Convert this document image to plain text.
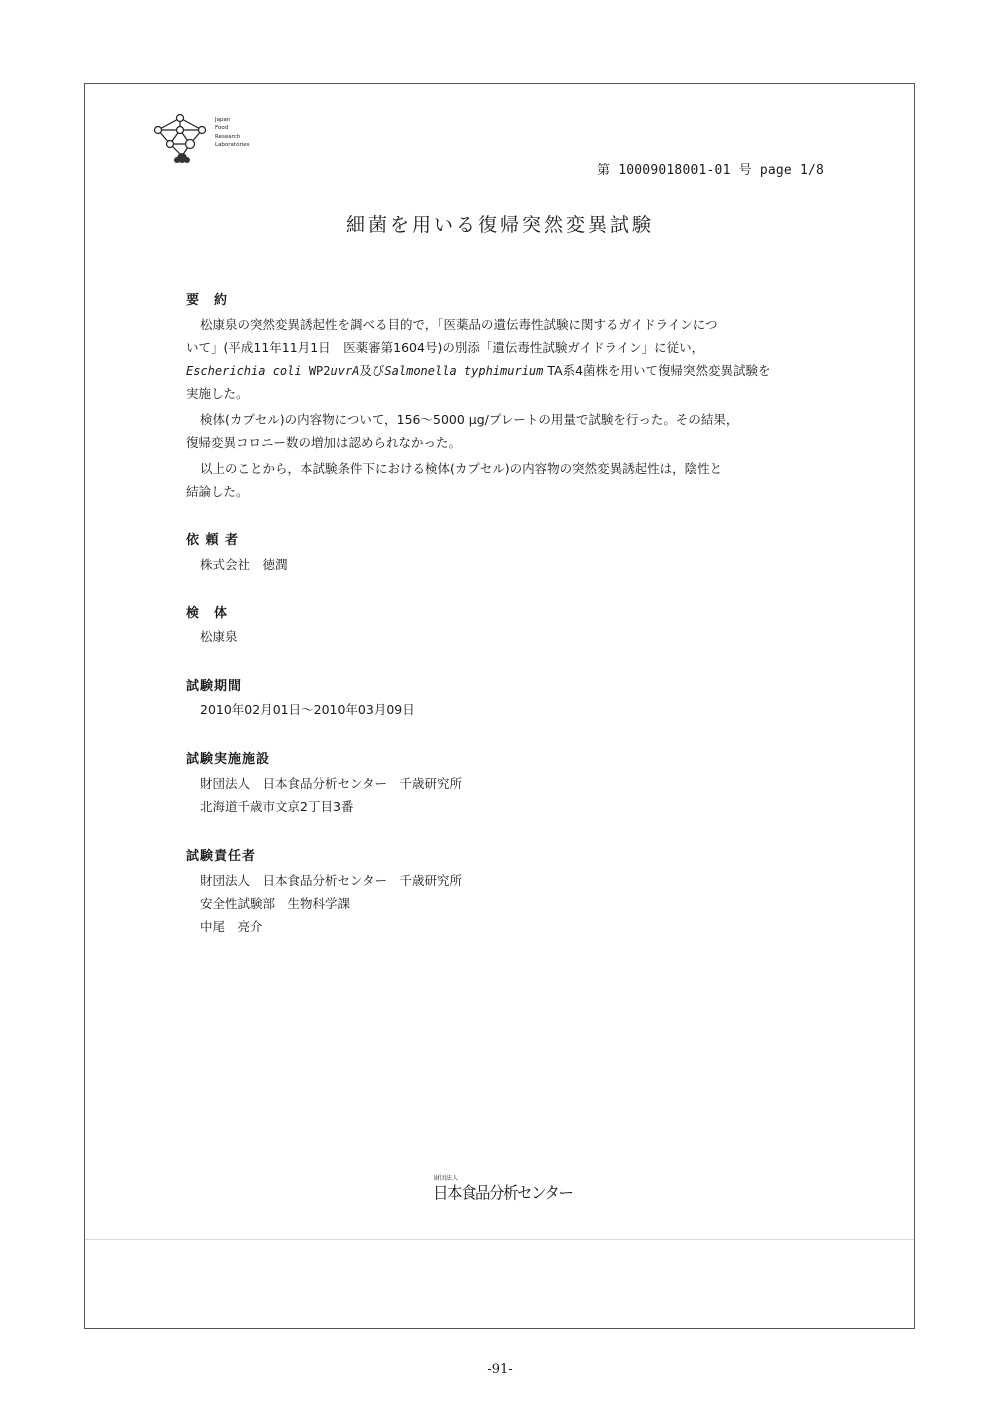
Japan
Food
Research
Laboratories
第 10009018001-01 号 page 1/8
細菌を用いる復帰突然変異試験
要　約
松康泉の突然変異誘起性を調べる目的で，「医薬品の遺伝毒性試験に関するガイドラインにつ
いて」(平成11年11月1日　医薬審第1604号)の別添「遺伝毒性試験ガイドライン」に従い，
Escherichia coli WP2uvrA及びSalmonella typhimurium TA系4菌株を用いて復帰突然変異試験を
実施した。
検体(カプセル)の内容物について，156～5000 μg/プレートの用量で試験を行った。その結果，
復帰変異コロニー数の増加は認められなかった。
以上のことから，本試験条件下における検体(カプセル)の内容物の突然変異誘起性は，陰性と
結論した。
依 頼 者
株式会社　徳潤
検　体
松康泉
試験期間
2010年02月01日～2010年03月09日
試験実施施設
財団法人　日本食品分析センター　千歳研究所
北海道千歳市文京2丁目3番
試験責任者
財団法人　日本食品分析センター　千歳研究所
安全性試験部　生物科学課
中尾　亮介
財団法人
日本食品分析センター
-91-
